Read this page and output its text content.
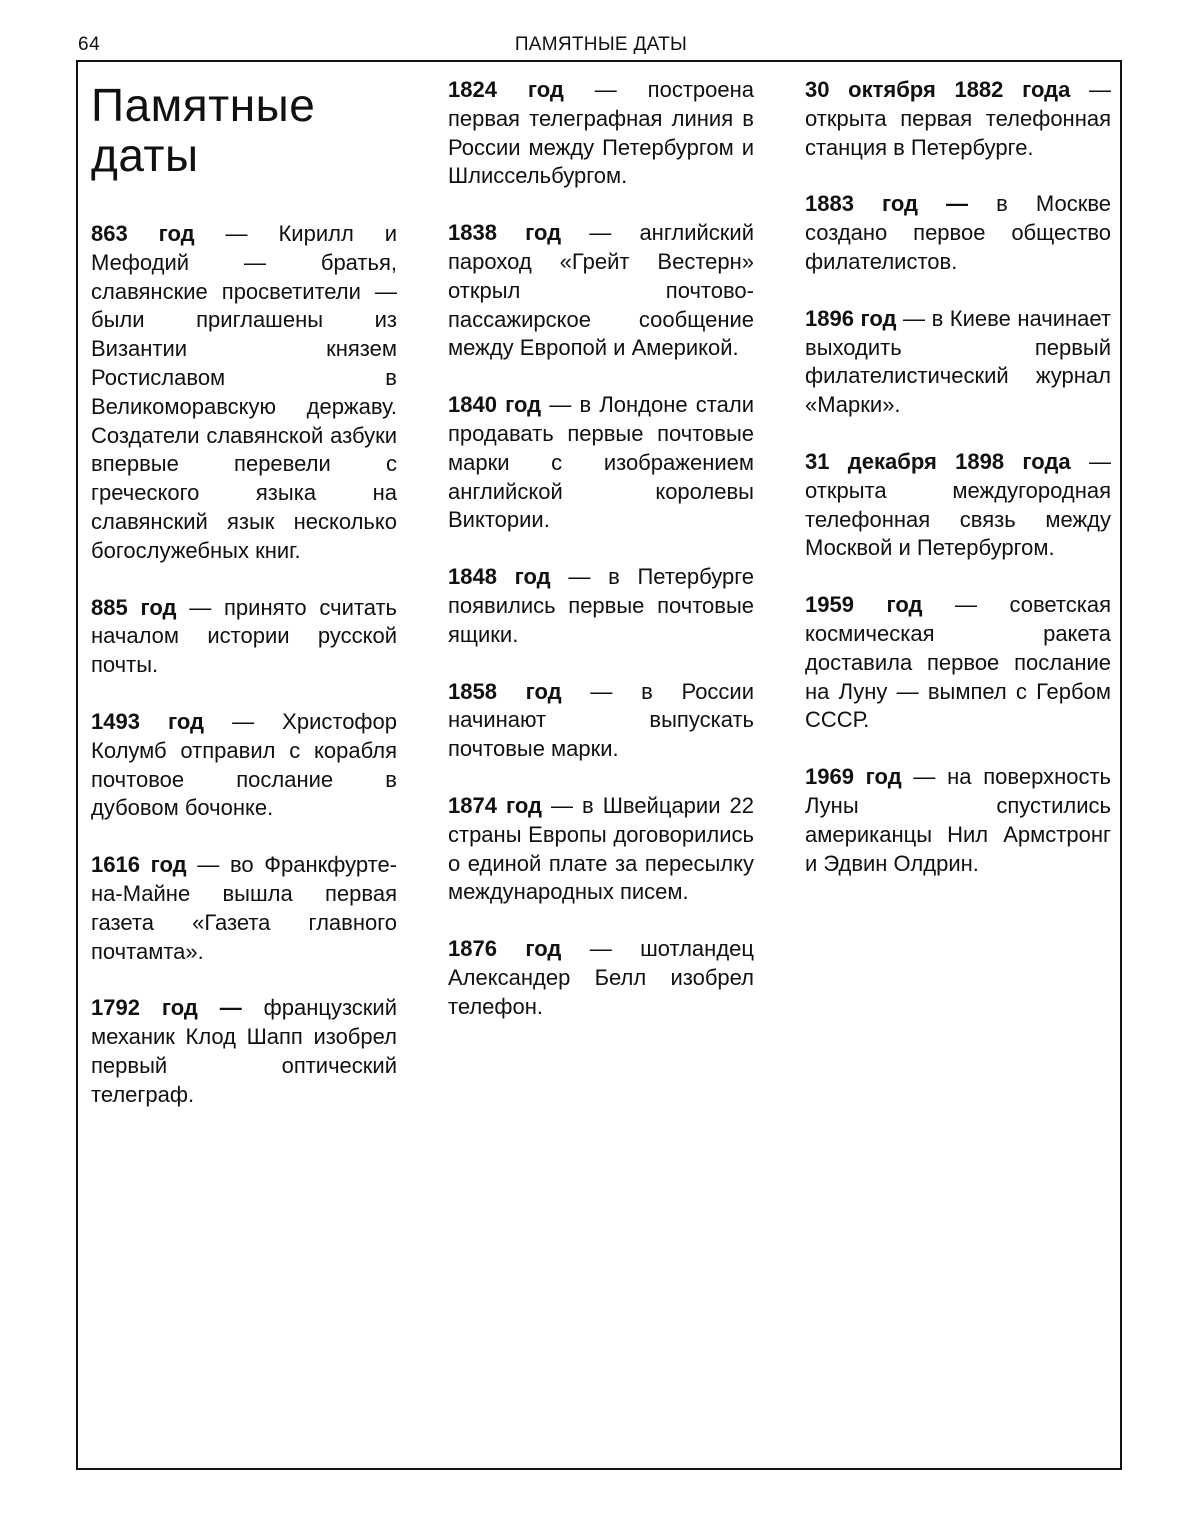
64	ПАМЯТНЫЕ ДАТЫ
Памятные даты

863 год — Кирилл и Мефодий — братья, славянские просветители — были приглашены из Византии князем Ростиславом в Великоморавскую державу. Создатели славянской азбуки впервые перевели с греческого языка на славянский язык несколько богослужебных книг.

885 год — принято считать началом истории русской почты.

1493 год — Христофор Колумб отправил с корабля почтовое послание в дубовом бочонке.

1616 год — во Франкфурте-на-Майне вышла первая газета «Газета главного почтамта».

1792 год — французский механик Клод Шапп изобрел первый оптический телеграф.

1824 год — построена первая телеграфная линия в России между Петербургом и Шлиссельбургом.

1838 год — английский пароход «Грейт Вестерн» открыл почтово-пассажирское сообщение между Европой и Америкой.

1840 год — в Лондоне стали продавать первые почтовые марки с изображением английской королевы Виктории.

1848 год — в Петербурге появились первые почтовые ящики.

1858 год — в России начинают выпускать почтовые марки.

1874 год — в Швейцарии 22 страны Европы договорились о единой плате за пересылку международных писем.

1876 год — шотландец Александер Белл изобрел телефон.

30 октября 1882 года — открыта первая телефонная станция в Петербурге.

1883 год — в Москве создано первое общество филателистов.

1896 год — в Киеве начинает выходить первый филателистический журнал «Марки».

31 декабря 1898 года — открыта междугородная телефонная связь между Москвой и Петербургом.

1959 год — советская космическая ракета доставила первое послание на Луну — вымпел с Гербом СССР.

1969 год — на поверхность Луны спустились американцы Нил Армстронг и Эдвин Олдрин.
